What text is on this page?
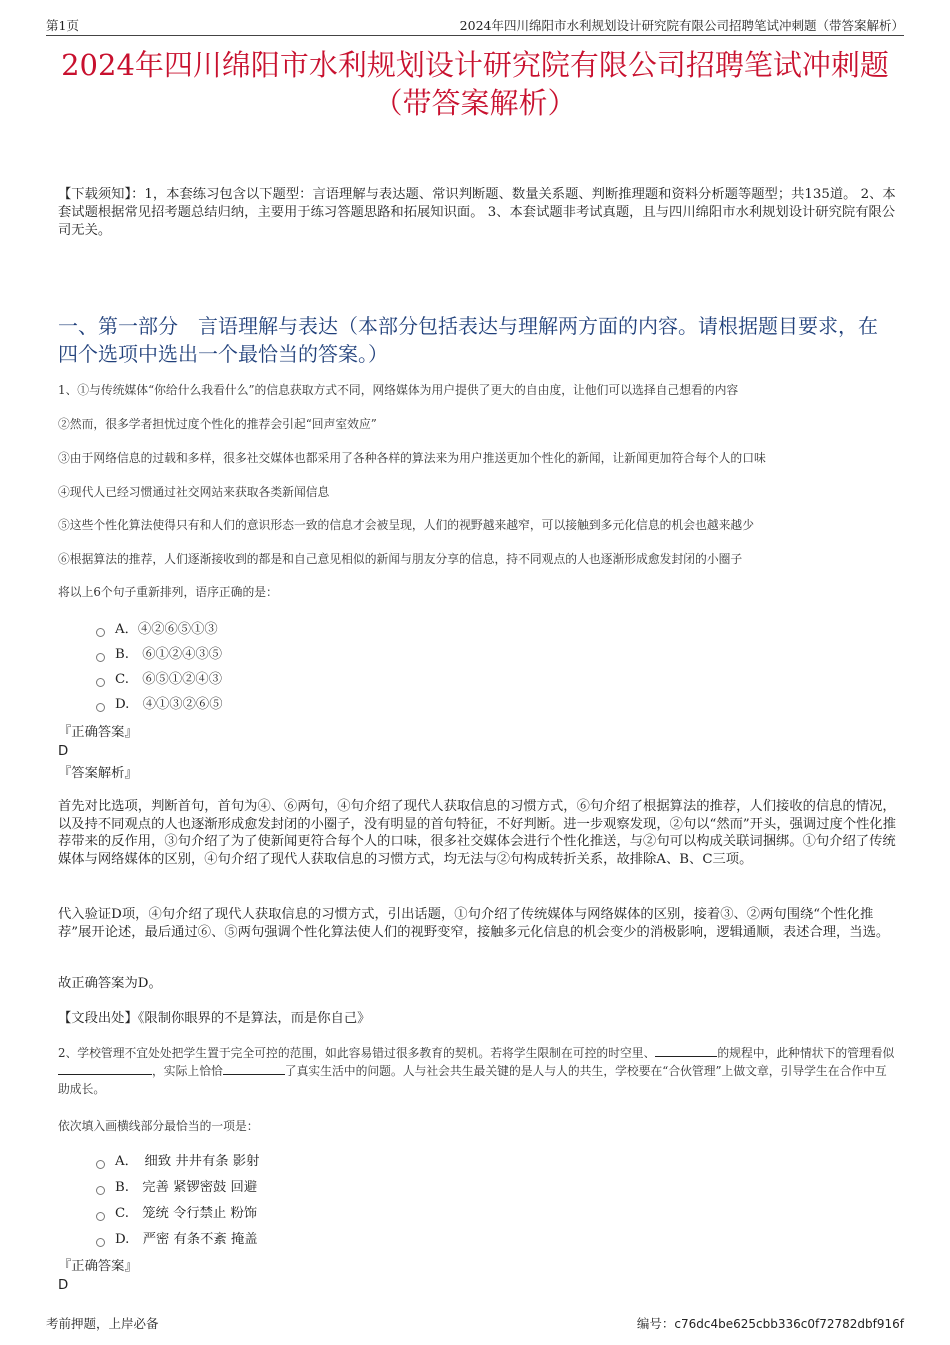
第1页	2024年四川绵阳市水利规划设计研究院有限公司招聘笔试冲刺题（带答案解析）
2024年四川绵阳市水利规划设计研究院有限公司招聘笔试冲刺题（带答案解析）
【下载须知】：1，本套练习包含以下题型：言语理解与表达题、常识判断题、数量关系题、判断推理题和资料分析题等题型；共135道。 2、本套试题根据常见招考题总结归纳，主要用于练习答题思路和拓展知识面。 3、本套试题非考试真题，且与四川绵阳市水利规划设计研究院有限公司无关。
一、第一部分　言语理解与表达（本部分包括表达与理解两方面的内容。请根据题目要求，在四个选项中选出一个最恰当的答案。）
1、①与传统媒体“你给什么我看什么”的信息获取方式不同，网络媒体为用户提供了更大的自由度，让他们可以选择自己想看的内容
②然而，很多学者担忧过度个性化的推荐会引起“回声室效应”
③由于网络信息的过载和多样，很多社交媒体也都采用了各种各样的算法来为用户推送更加个性化的新闻，让新闻更加符合每个人的口味
④现代人已经习惯通过社交网站来获取各类新闻信息
⑤这些个性化算法使得只有和人们的意识形态一致的信息才会被呈现，人们的视野越来越窄，可以接触到多元化信息的机会也越来越少
⑥根据算法的推荐，人们逐渐接收到的都是和自己意见相似的新闻与朋友分享的信息，持不同观点的人也逐渐形成愈发封闭的小圈子
将以上6个句子重新排列，语序正确的是：
A．④②⑥⑤①③
B.　⑥①②④③⑤
C.　⑥⑤①②④③
D.　④①③②⑥⑤
『正确答案』
D
『答案解析』
首先对比选项，判断首句，首句为④、⑥两句，④句介绍了现代人获取信息的习惯方式，⑥句介绍了根据算法的推荐，人们接收的信息的情况，以及持不同观点的人也逐渐形成愈发封闭的小圈子，没有明显的首句特征，不好判断。进一步观察发现，②句以“然而”开头，强调过度个性化推荐带来的反作用，③句介绍了为了使新闻更符合每个人的口味，很多社交媒体会进行个性化推送，与②句可以构成关联词捆绑。①句介绍了传统媒体与网络媒体的区别，④句介绍了现代人获取信息的习惯方式，均无法与②句构成转折关系，故排除A、B、C三项。
代入验证D项，④句介绍了现代人获取信息的习惯方式，引出话题，①句介绍了传统媒体与网络媒体的区别，接着③、②两句围绕“个性化推荐”展开论述，最后通过⑥、⑤两句强调个性化算法使人们的视野变窄，接触多元化信息的机会变少的消极影响，逻辑通顺，表述合理，当选。
故正确答案为D。
【文段出处】《限制你眼界的不是算法，而是你自己》
2、学校管理不宜处处把学生置于完全可控的范围，如此容易错过很多教育的契机。若将学生限制在可控的时空里、	的规程中，此种情状下的管理看似，实际上恰恰	了真实生活中的问题。人与社会共生最关键的是人与人的共生，学校要在“合伙管理”上做文章，引导学生在合作中互助成长。
依次填入画横线部分最恰当的一项是：
A．　细致 井井有条 影射
B.　完善 紧锣密鼓 回避
C.　笼统 令行禁止 粉饰
D.　严密 有条不紊 掩盖
『正确答案』
D
考前押题，上岸必备	编号：c76dc4be625cbb336c0f72782dbf916f
